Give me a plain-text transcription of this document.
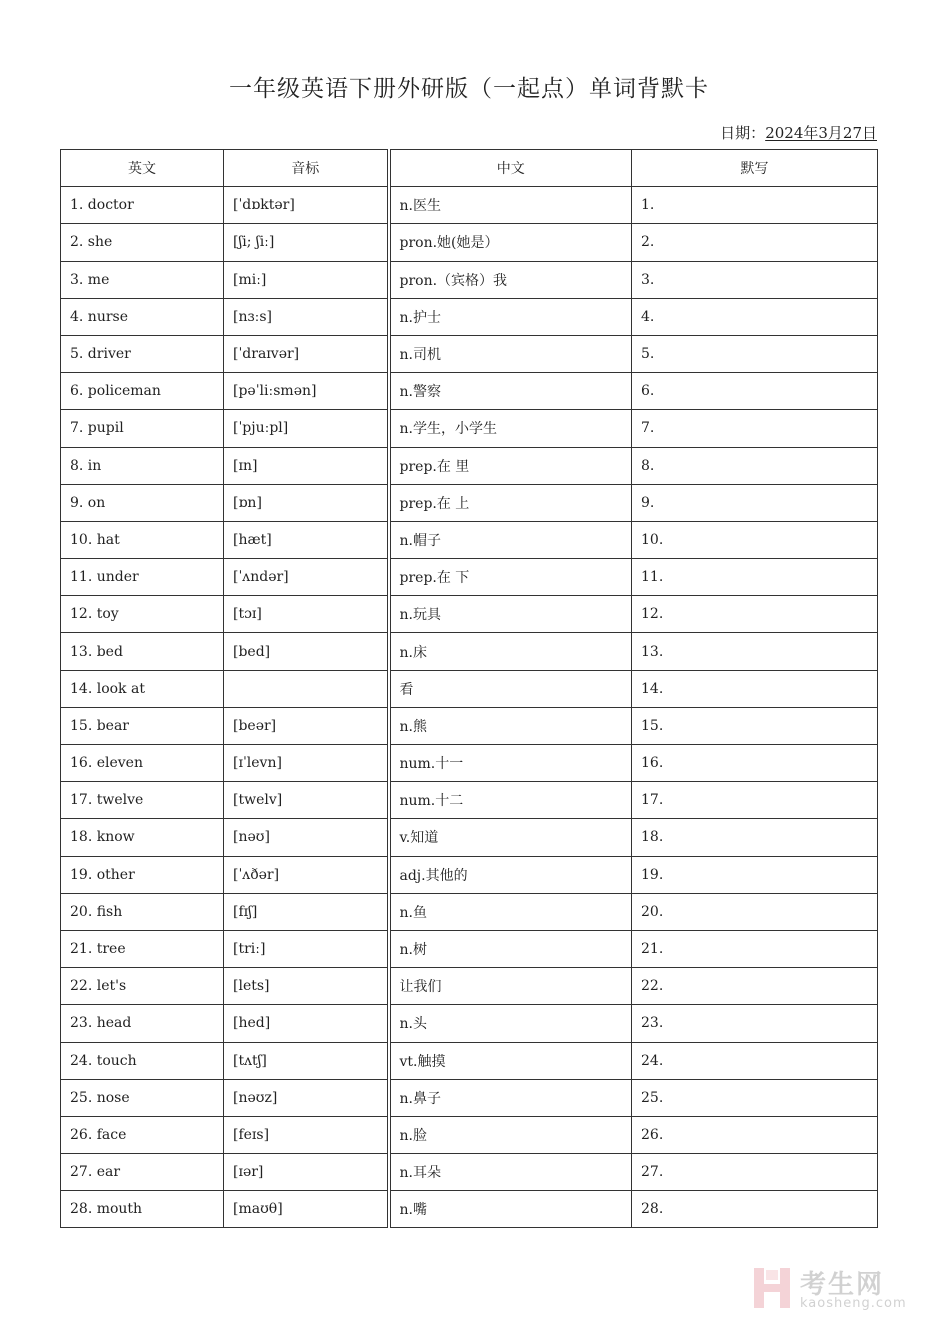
一年级英语下册外研版（一起点）单词背默卡
日期：2024年3月27日
英文	音标	中文	默写
1. doctor	[ˈdɒktər]	n.医生	1.
2. she	[ʃi; ʃiː]	pron.她(她是）	2.
3. me	[miː]	pron.（宾格）我	3.
4. nurse	[nɜːs]	n.护士	4.
5. driver	[ˈdraɪvər]	n.司机	5.
6. policeman	[pəˈliːsmən]	n.警察	6.
7. pupil	[ˈpjuːpl]	n.学生，小学生	7.
8. in	[ɪn]	prep.在 里	8.
9. on	[ɒn]	prep.在 上	9.
10. hat	[hæt]	n.帽子	10.
11. under	[ˈʌndər]	prep.在 下	11.
12. toy	[tɔɪ]	n.玩具	12.
13. bed	[bed]	n.床	13.
14. look at		看	14.
15. bear	[beər]	n.熊	15.
16. eleven	[ɪˈlevn]	num.十一	16.
17. twelve	[twelv]	num.十二	17.
18. know	[nəʊ]	v.知道	18.
19. other	[ˈʌðər]	adj.其他的	19.
20. fish	[fɪʃ]	n.鱼	20.
21. tree	[triː]	n.树	21.
22. let's	[lets]	让我们	22.
23. head	[hed]	n.头	23.
24. touch	[tʌtʃ]	vt.触摸	24.
25. nose	[nəʊz]	n.鼻子	25.
26. face	[feɪs]	n.脸	26.
27. ear	[ɪər]	n.耳朵	27.
28. mouth	[maʊθ]	n.嘴	28.
考生网
kaosheng.com
